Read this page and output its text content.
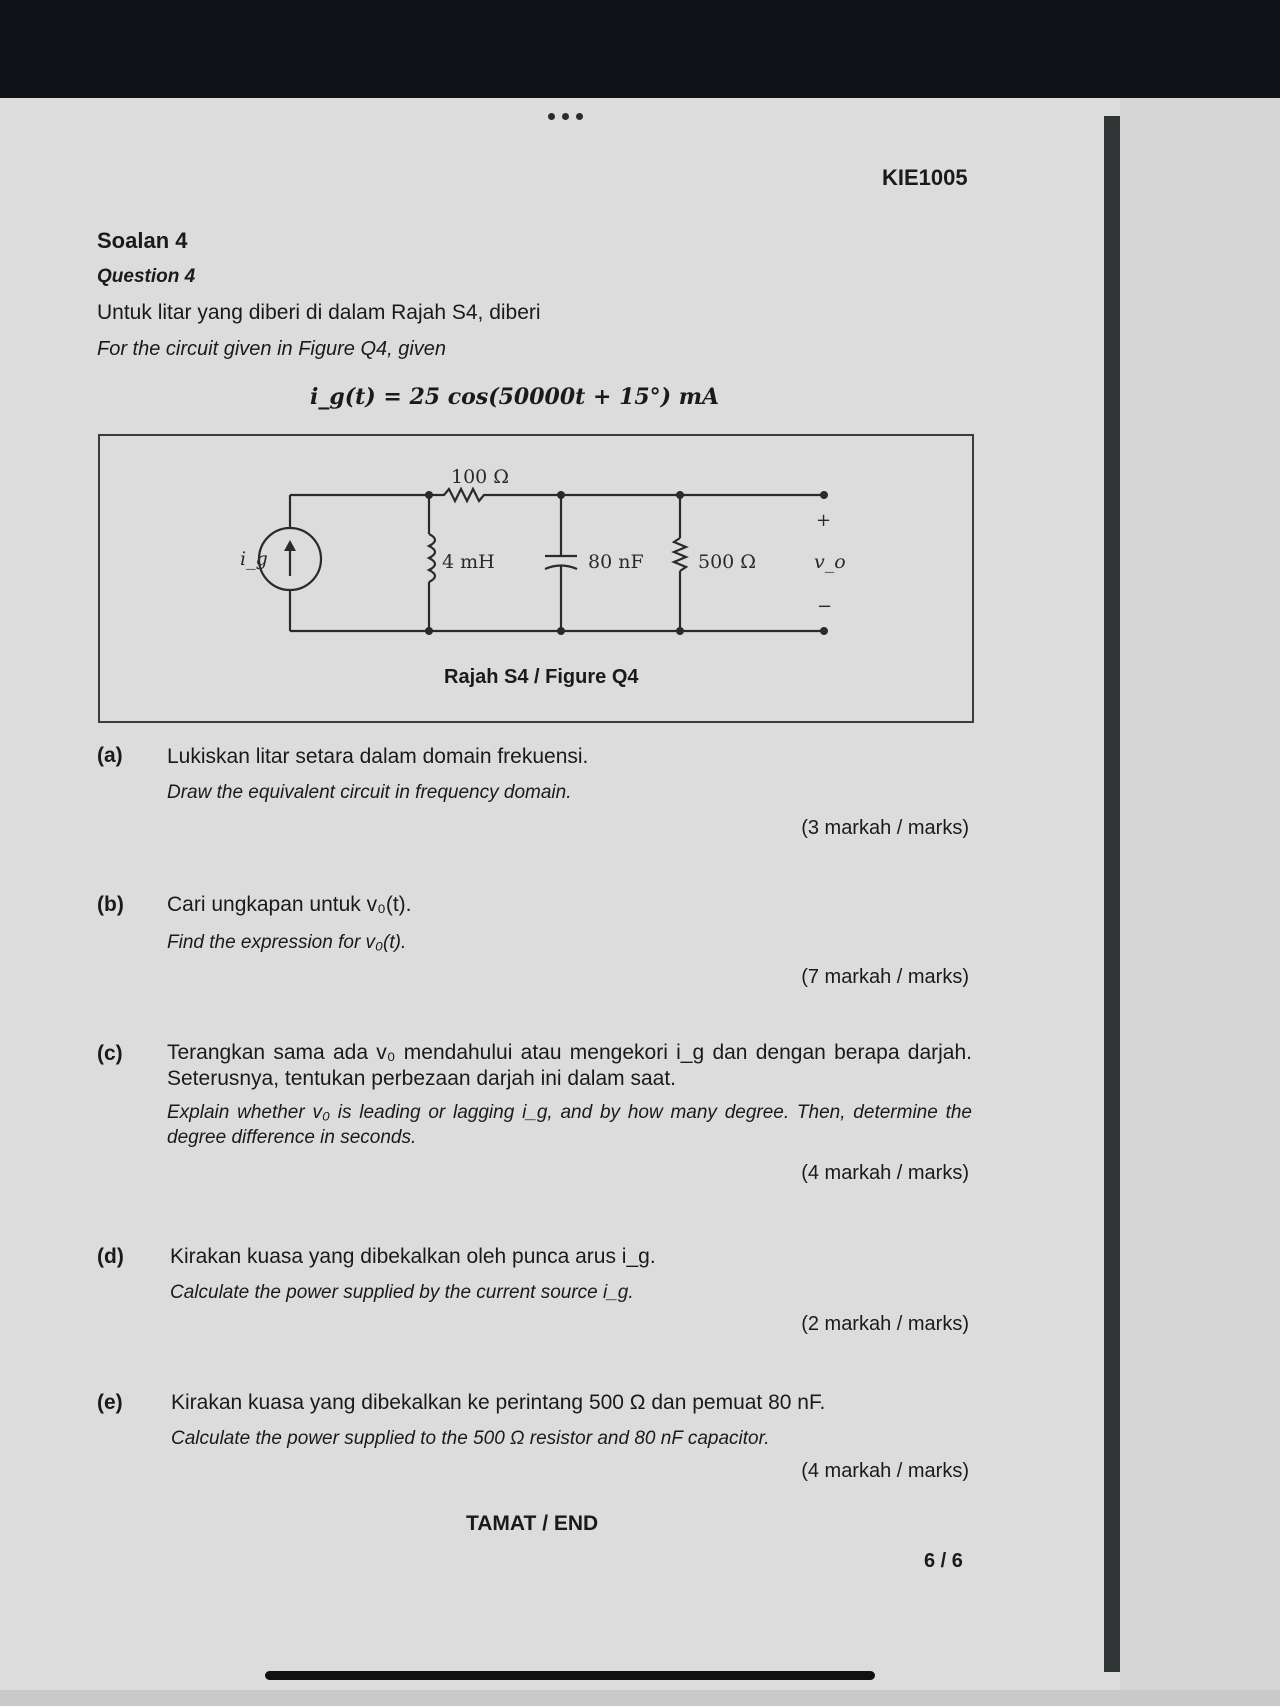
KIE1005
Soalan 4
Question 4
Untuk litar yang diberi di dalam Rajah S4, diberi
For the circuit given in Figure Q4, given
i_g(t) = 25 cos(50000t + 15°) mA
i_g
100 Ω
4 mH	80 nF	500 Ω	v_o
+
−
Rajah S4 / Figure Q4
(a) Lukiskan litar setara dalam domain frekuensi.
Draw the equivalent circuit in frequency domain.
(3 markah / marks)
(b) Cari ungkapan untuk v₀(t).
Find the expression for v₀(t).
(7 markah / marks)
(c) Terangkan sama ada v₀ mendahului atau mengekori i_g dan dengan berapa darjah. Seterusnya, tentukan perbezaan darjah ini dalam saat.
Explain whether v₀ is leading or lagging i_g, and by how many degree. Then, determine the degree difference in seconds.
(4 markah / marks)
(d) Kirakan kuasa yang dibekalkan oleh punca arus i_g.
Calculate the power supplied by the current source i_g.
(2 markah / marks)
(e) Kirakan kuasa yang dibekalkan ke perintang 500 Ω dan pemuat 80 nF.
Calculate the power supplied to the 500 Ω resistor and 80 nF capacitor.
(4 markah / marks)
TAMAT / END
6 / 6
